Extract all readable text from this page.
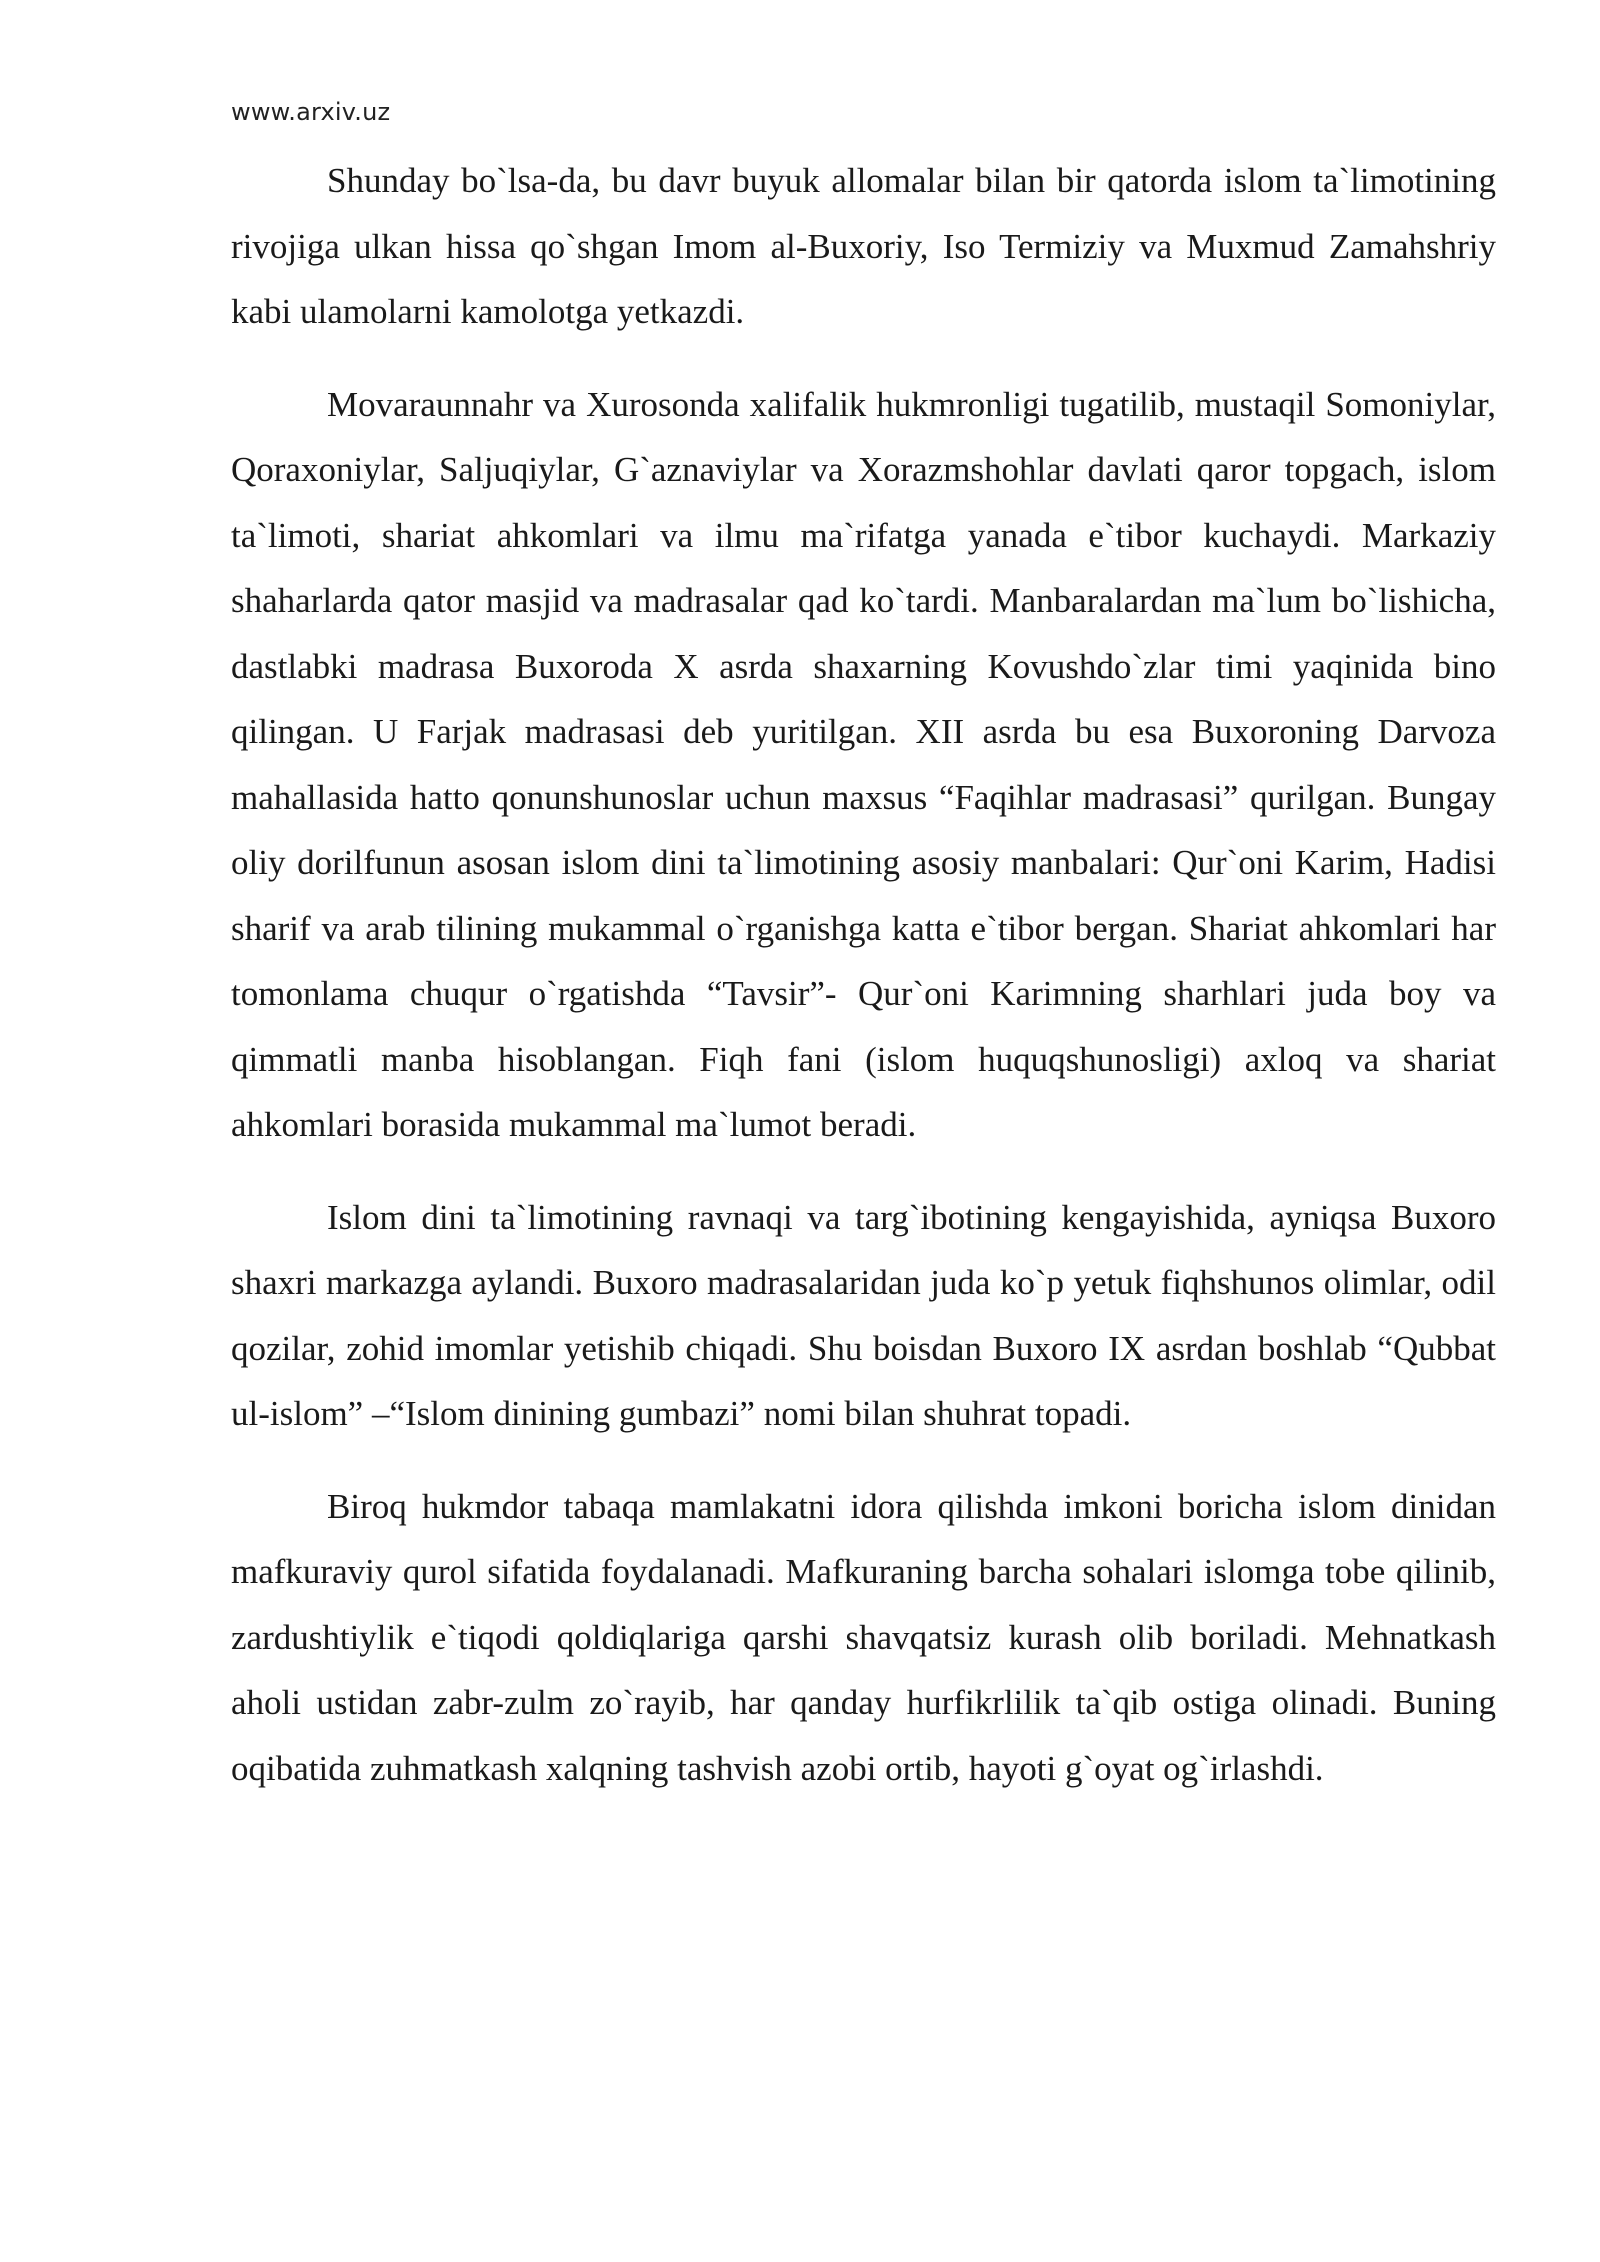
www.arxiv.uz

Shunday bo`lsa-da, bu davr buyuk allomalar bilan bir qatorda islom ta`limotining rivojiga ulkan hissa qo`shgan Imom al-Buxoriy, Iso Termiziy va Muxmud Zamahshriy kabi ulamolarni kamolotga yetkazdi.

Movaraunnahr va Xurosonda xalifalik hukmronligi tugatilib, mustaqil Somoniylar, Qoraxoniylar, Saljuqiylar, G`aznaviylar va Xorazmshohlar davlati qaror topgach, islom ta`limoti, shariat ahkomlari va ilmu ma`rifatga yanada e`tibor kuchaydi. Markaziy shaharlarda qator masjid va madrasalar qad ko`tardi. Manbaralardan ma`lum bo`lishicha, dastlabki madrasa Buxoroda X asrda shaxarning Kovushdo`zlar timi yaqinida bino qilingan. U Farjak madrasasi deb yuritilgan. XII asrda bu esa Buxoroning Darvoza mahallasida hatto qonunshunoslar uchun maxsus “Faqihlar madrasasi” qurilgan. Bungay oliy dorilfunun asosan islom dini ta`limotining asosiy manbalari: Qur`oni Karim, Hadisi sharif va arab tilining mukammal o`rganishga katta e`tibor bergan. Shariat ahkomlari har tomonlama chuqur o`rgatishda “Tavsir”- Qur`oni Karimning sharhlari juda boy va qimmatli manba hisoblangan. Fiqh fani (islom huquqshunosligi) axloq va shariat ahkomlari borasida mukammal ma`lumot beradi.

Islom dini ta`limotining ravnaqi va targ`ibotining kengayishida, ayniqsa Buxoro shaxri markazga aylandi. Buxoro madrasalaridan juda ko`p yetuk fiqhshunos olimlar, odil qozilar, zohid imomlar yetishib chiqadi. Shu boisdan Buxoro IX asrdan boshlab “Qubbat ul-islom” –“Islom dinining gumbazi” nomi bilan shuhrat topadi.

Biroq hukmdor tabaqa mamlakatni idora qilishda imkoni boricha islom dinidan mafkuraviy qurol sifatida foydalanadi. Mafkuraning barcha sohalari islomga tobe qilinib, zardushtiylik e`tiqodi qoldiqlariga qarshi shavqatsiz kurash olib boriladi. Mehnatkash aholi ustidan zabr-zulm zo`rayib, har qanday hurfikrlilik ta`qib ostiga olinadi. Buning oqibatida zuhmatkash xalqning tashvish azobi ortib, hayoti g`oyat og`irlashdi.
